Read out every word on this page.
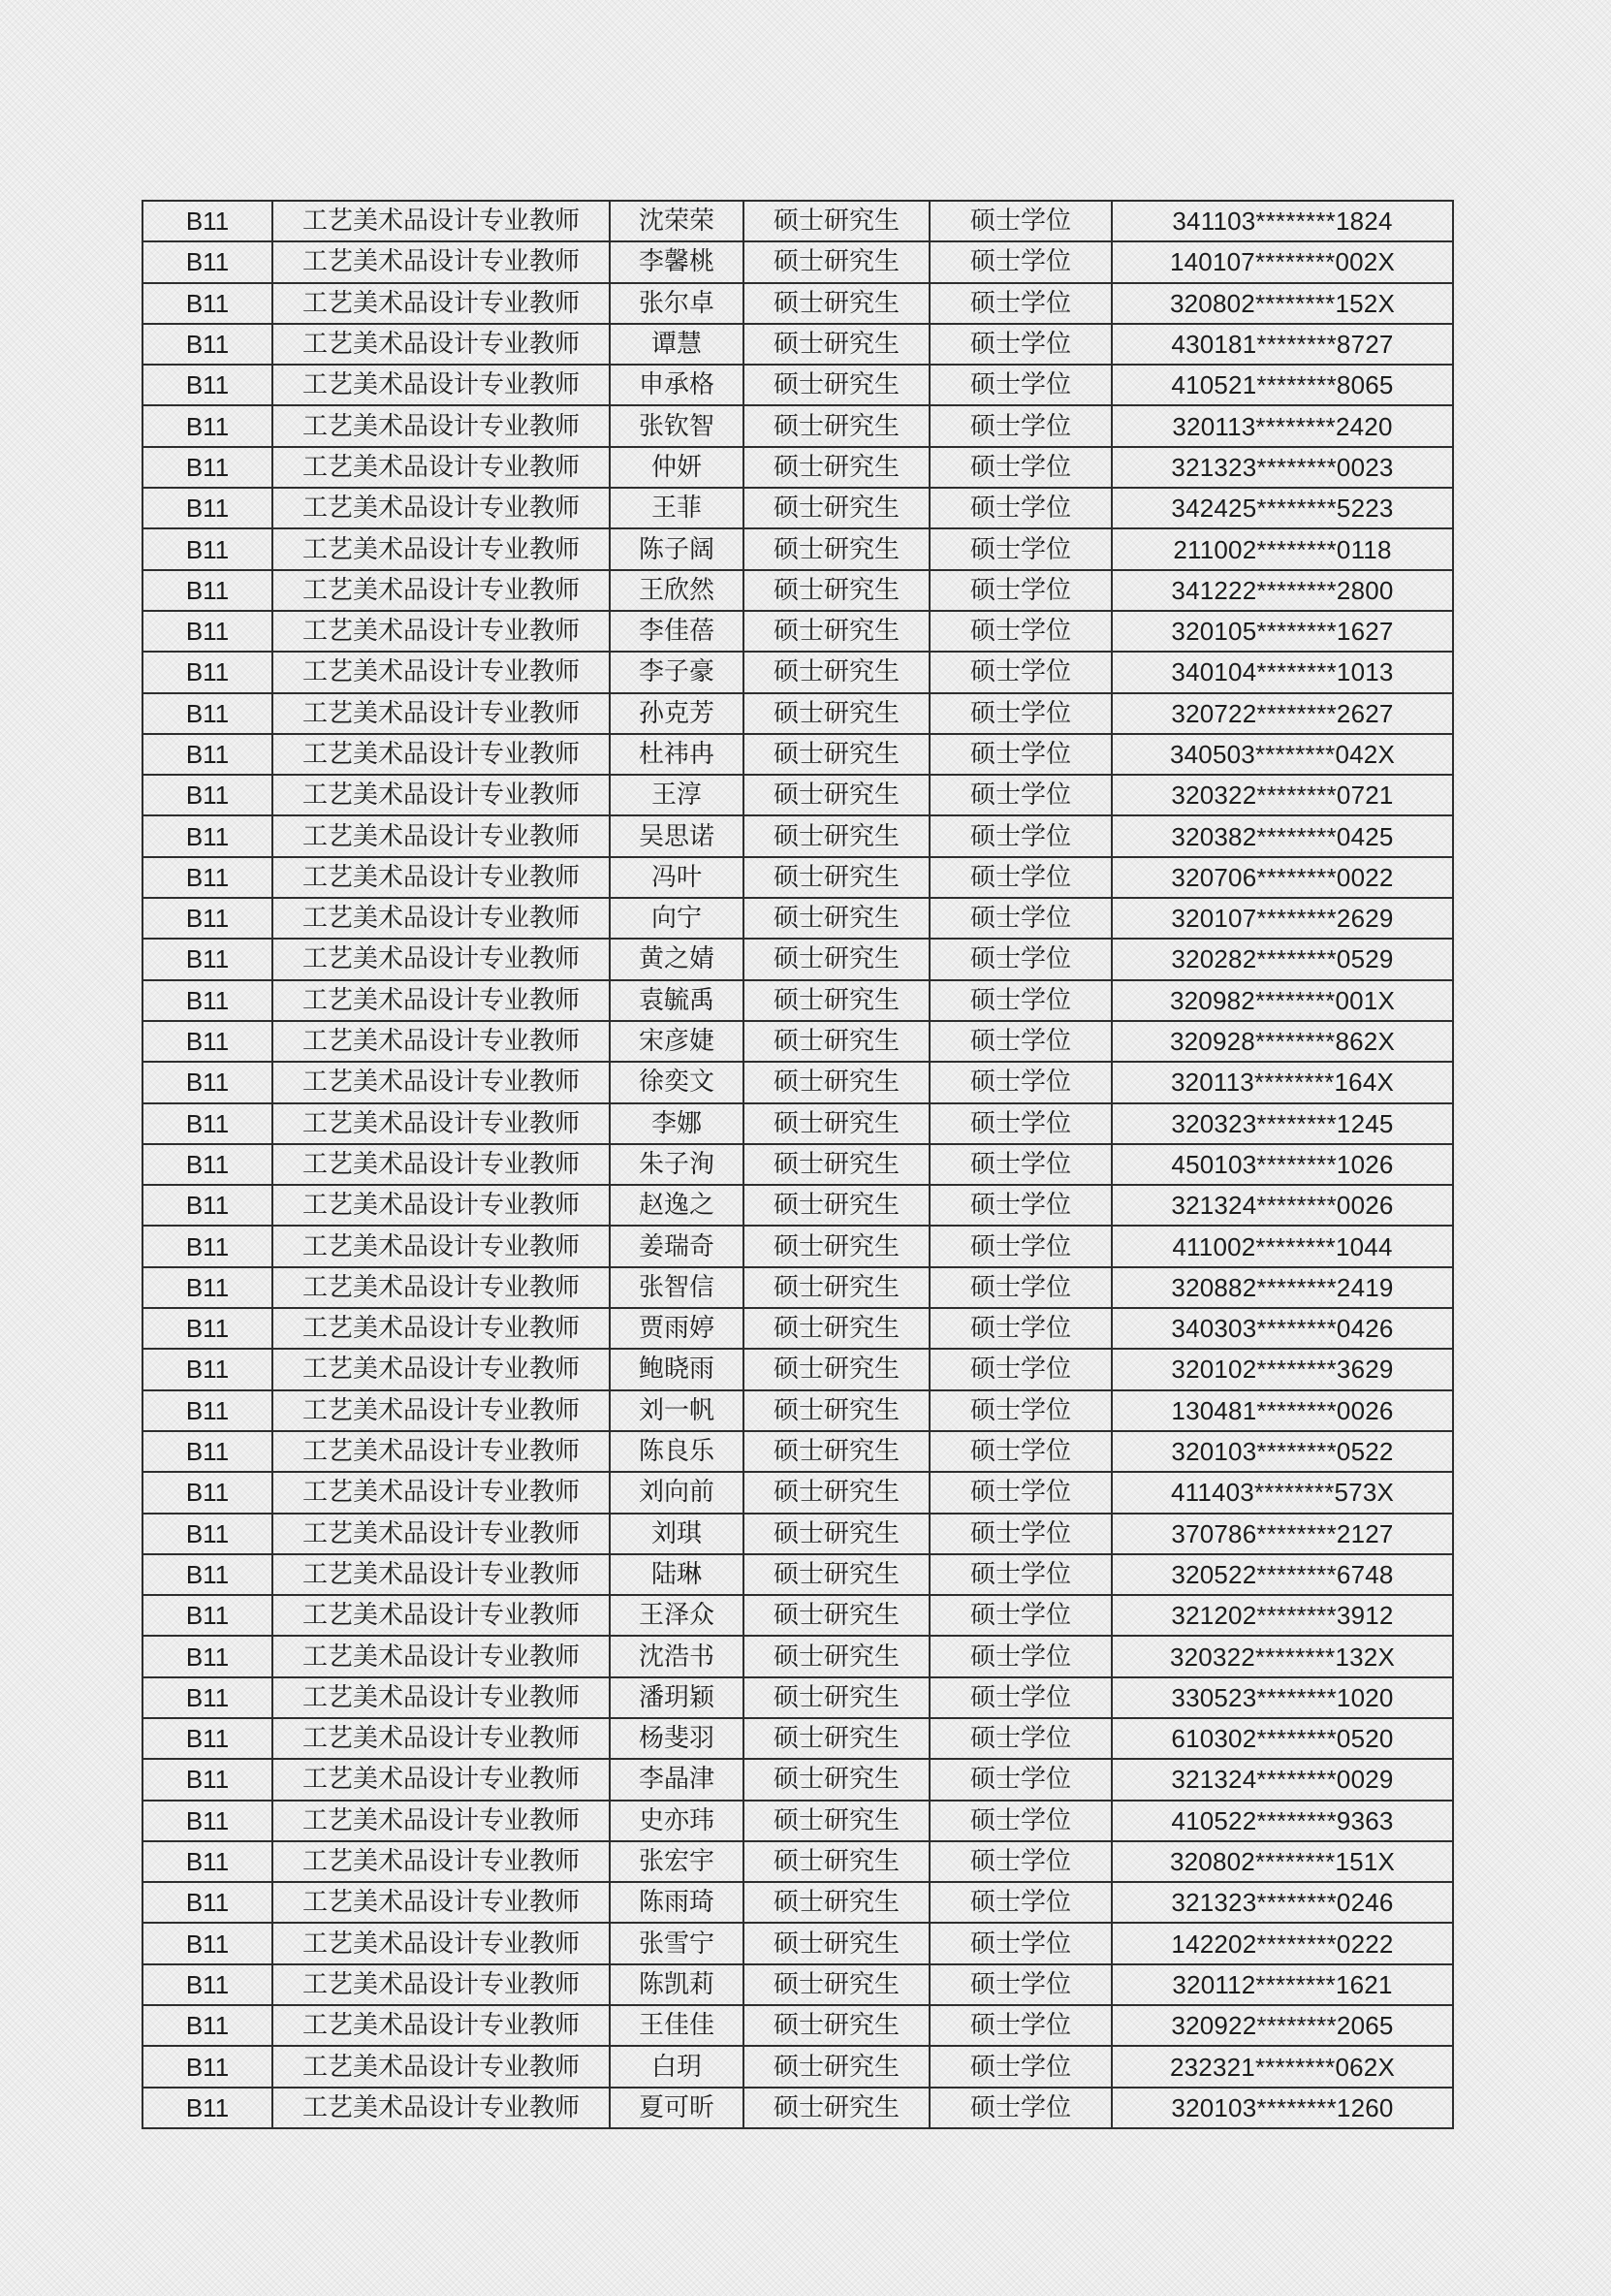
B11	工艺美术品设计专业教师	沈荣荣	硕士研究生	硕士学位	341103********1824
B11	工艺美术品设计专业教师	李馨桃	硕士研究生	硕士学位	140107********002X
B11	工艺美术品设计专业教师	张尔卓	硕士研究生	硕士学位	320802********152X
B11	工艺美术品设计专业教师	谭慧	硕士研究生	硕士学位	430181********8727
B11	工艺美术品设计专业教师	申承格	硕士研究生	硕士学位	410521********8065
B11	工艺美术品设计专业教师	张钦智	硕士研究生	硕士学位	320113********2420
B11	工艺美术品设计专业教师	仲妍	硕士研究生	硕士学位	321323********0023
B11	工艺美术品设计专业教师	王菲	硕士研究生	硕士学位	342425********5223
B11	工艺美术品设计专业教师	陈子阔	硕士研究生	硕士学位	211002********0118
B11	工艺美术品设计专业教师	王欣然	硕士研究生	硕士学位	341222********2800
B11	工艺美术品设计专业教师	李佳蓓	硕士研究生	硕士学位	320105********1627
B11	工艺美术品设计专业教师	李子豪	硕士研究生	硕士学位	340104********1013
B11	工艺美术品设计专业教师	孙克芳	硕士研究生	硕士学位	320722********2627
B11	工艺美术品设计专业教师	杜祎冉	硕士研究生	硕士学位	340503********042X
B11	工艺美术品设计专业教师	王淳	硕士研究生	硕士学位	320322********0721
B11	工艺美术品设计专业教师	吴思诺	硕士研究生	硕士学位	320382********0425
B11	工艺美术品设计专业教师	冯叶	硕士研究生	硕士学位	320706********0022
B11	工艺美术品设计专业教师	向宁	硕士研究生	硕士学位	320107********2629
B11	工艺美术品设计专业教师	黄之婧	硕士研究生	硕士学位	320282********0529
B11	工艺美术品设计专业教师	袁毓禹	硕士研究生	硕士学位	320982********001X
B11	工艺美术品设计专业教师	宋彦婕	硕士研究生	硕士学位	320928********862X
B11	工艺美术品设计专业教师	徐奕文	硕士研究生	硕士学位	320113********164X
B11	工艺美术品设计专业教师	李娜	硕士研究生	硕士学位	320323********1245
B11	工艺美术品设计专业教师	朱子洵	硕士研究生	硕士学位	450103********1026
B11	工艺美术品设计专业教师	赵逸之	硕士研究生	硕士学位	321324********0026
B11	工艺美术品设计专业教师	姜瑞奇	硕士研究生	硕士学位	411002********1044
B11	工艺美术品设计专业教师	张智信	硕士研究生	硕士学位	320882********2419
B11	工艺美术品设计专业教师	贾雨婷	硕士研究生	硕士学位	340303********0426
B11	工艺美术品设计专业教师	鲍晓雨	硕士研究生	硕士学位	320102********3629
B11	工艺美术品设计专业教师	刘一帆	硕士研究生	硕士学位	130481********0026
B11	工艺美术品设计专业教师	陈良乐	硕士研究生	硕士学位	320103********0522
B11	工艺美术品设计专业教师	刘向前	硕士研究生	硕士学位	411403********573X
B11	工艺美术品设计专业教师	刘琪	硕士研究生	硕士学位	370786********2127
B11	工艺美术品设计专业教师	陆琳	硕士研究生	硕士学位	320522********6748
B11	工艺美术品设计专业教师	王泽众	硕士研究生	硕士学位	321202********3912
B11	工艺美术品设计专业教师	沈浩书	硕士研究生	硕士学位	320322********132X
B11	工艺美术品设计专业教师	潘玥颖	硕士研究生	硕士学位	330523********1020
B11	工艺美术品设计专业教师	杨斐羽	硕士研究生	硕士学位	610302********0520
B11	工艺美术品设计专业教师	李晶津	硕士研究生	硕士学位	321324********0029
B11	工艺美术品设计专业教师	史亦玮	硕士研究生	硕士学位	410522********9363
B11	工艺美术品设计专业教师	张宏宇	硕士研究生	硕士学位	320802********151X
B11	工艺美术品设计专业教师	陈雨琦	硕士研究生	硕士学位	321323********0246
B11	工艺美术品设计专业教师	张雪宁	硕士研究生	硕士学位	142202********0222
B11	工艺美术品设计专业教师	陈凯莉	硕士研究生	硕士学位	320112********1621
B11	工艺美术品设计专业教师	王佳佳	硕士研究生	硕士学位	320922********2065
B11	工艺美术品设计专业教师	白玥	硕士研究生	硕士学位	232321********062X
B11	工艺美术品设计专业教师	夏可昕	硕士研究生	硕士学位	320103********1260
